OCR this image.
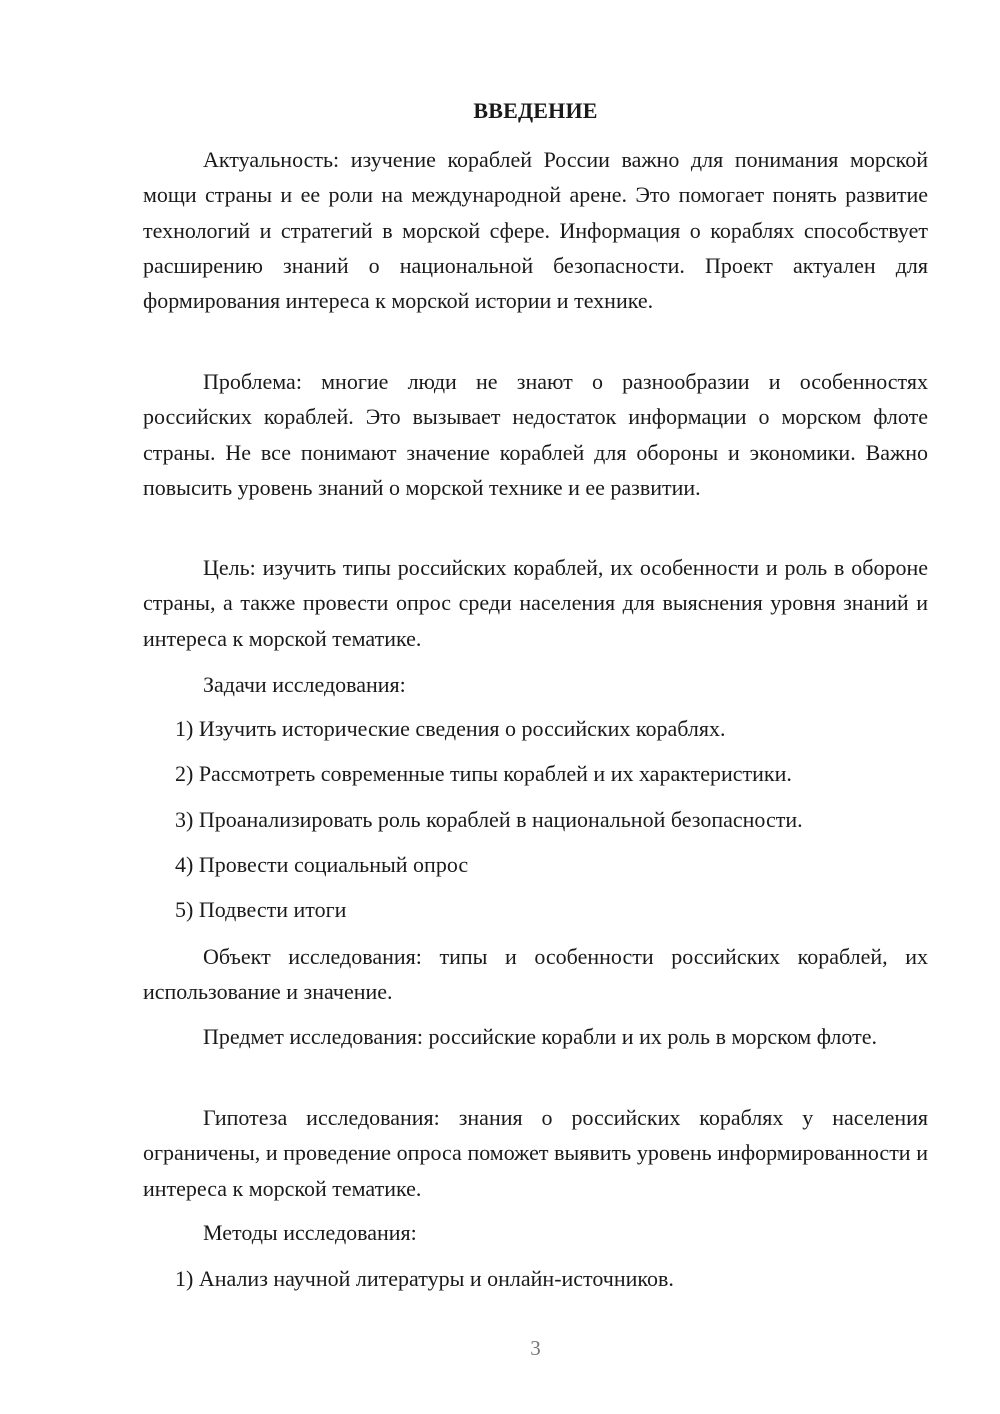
ВВЕДЕНИЕ

Актуальность: изучение кораблей России важно для понимания морской мощи страны и ее роли на международной арене. Это помогает понять развитие технологий и стратегий в морской сфере. Информация о кораблях способствует расширению знаний о национальной безопасности. Проект актуален для формирования интереса к морской истории и технике.

Проблема: многие люди не знают о разнообразии и особенностях российских кораблей. Это вызывает недостаток информации о морском флоте страны. Не все понимают значение кораблей для обороны и экономики. Важно повысить уровень знаний о морской технике и ее развитии.

Цель: изучить типы российских кораблей, их особенности и роль в обороне страны, а также провести опрос среди населения для выяснения уровня знаний и интереса к морской тематике.

Задачи исследования:

1) Изучить исторические сведения о российских кораблях.

2) Рассмотреть современные типы кораблей и их характеристики.

3) Проанализировать роль кораблей в национальной безопасности.

4) Провести социальный опрос

5) Подвести итоги

Объект исследования: типы и особенности российских кораблей, их использование и значение.

Предмет исследования: российские корабли и их роль в морском флоте.

Гипотеза исследования: знания о российских кораблях у населения ограничены, и проведение опроса поможет выявить уровень информированности и интереса к морской тематике.

Методы исследования:

1) Анализ научной литературы и онлайн-источников.

3
